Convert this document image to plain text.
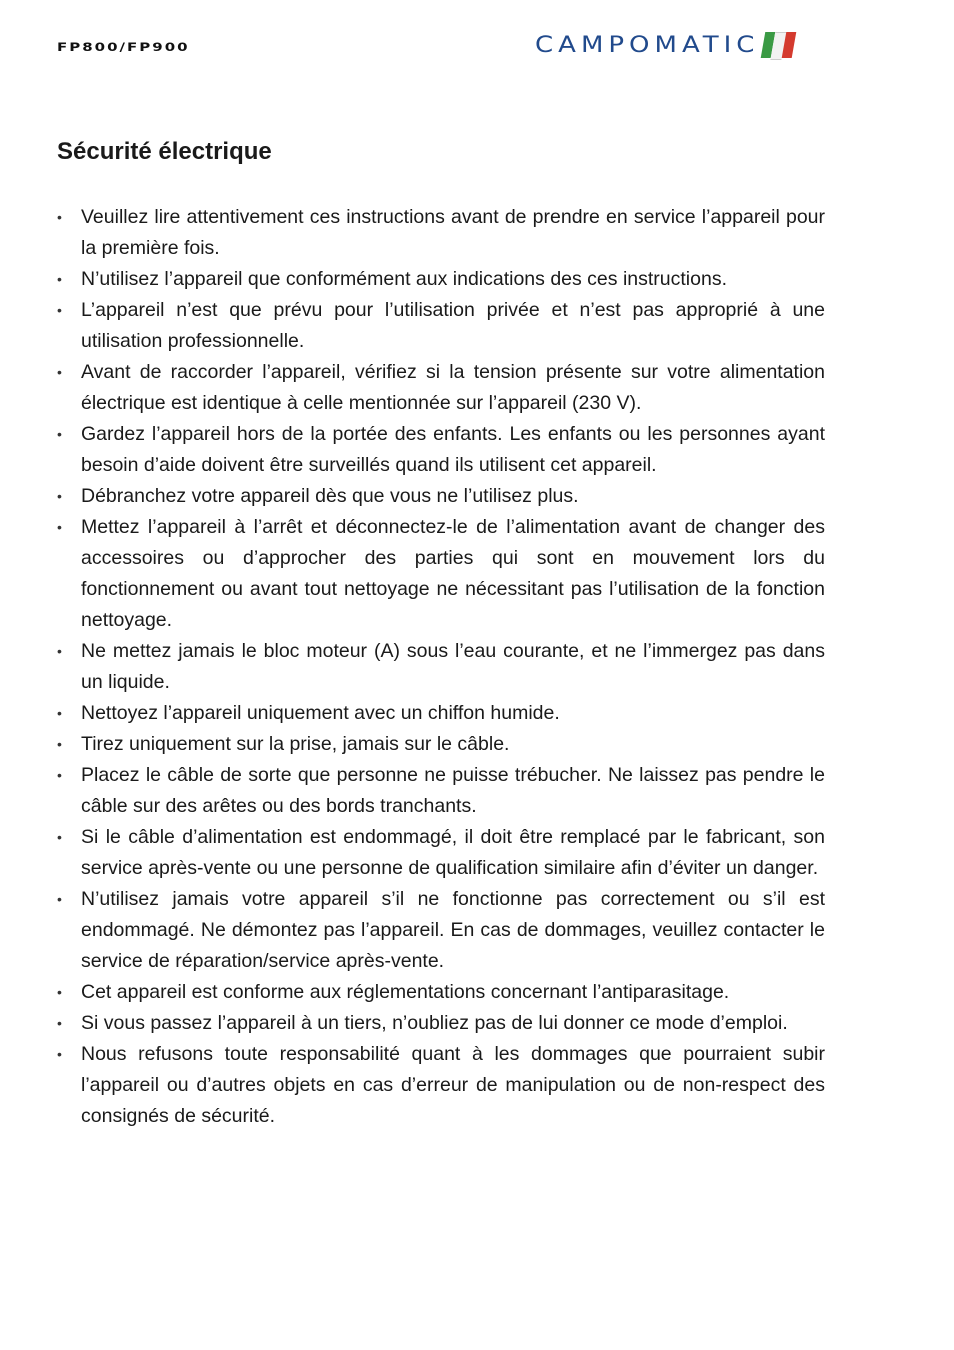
FP800/FP900	CAMPOMATIC
Sécurité électrique
• Veuillez lire attentivement ces instructions avant de prendre en service l’appareil pour la première fois.
• N’utilisez l’appareil que conformément aux indications des ces instructions.
• L’appareil n’est que prévu pour l’utilisation privée et n’est pas approprié à une utilisation professionnelle.
• Avant de raccorder l’appareil, vérifiez si la tension présente sur votre alimentation électrique est identique à celle mentionnée sur l’appareil (230 V).
• Gardez l’appareil hors de la portée des enfants. Les enfants ou les personnes ayant besoin d’aide doivent être surveillés quand ils utilisent cet appareil.
• Débranchez votre appareil dès que vous ne l’utilisez plus.
• Mettez l’appareil à l’arrêt et déconnectez-le de l’alimentation avant de changer des accessoires ou d’approcher des parties qui sont en mouvement lors du fonctionnement ou avant tout nettoyage ne nécessitant pas l’utilisation de la fonction nettoyage.
• Ne mettez jamais le bloc moteur (A) sous l’eau courante, et ne l’immergez pas dans un liquide.
• Nettoyez l’appareil uniquement avec un chiffon humide.
• Tirez uniquement sur la prise, jamais sur le câble.
• Placez le câble de sorte que personne ne puisse trébucher. Ne laissez pas pendre le câble sur des arêtes ou des bords tranchants.
• Si le câble d’alimentation est endommagé, il doit être remplacé par le fabricant, son service après-vente ou une personne de qualification similaire afin d’éviter un danger.
• N’utilisez jamais votre appareil s’il ne fonctionne pas correctement ou s’il est endommagé. Ne démontez pas l’appareil. En cas de dommages, veuillez contacter le service de réparation/service après-vente.
• Cet appareil est conforme aux réglementations concernant l’antiparasitage.
• Si vous passez l’appareil à un tiers, n’oubliez pas de lui donner ce mode d’emploi.
• Nous refusons toute responsabilité quant à les dommages que pourraient subir l’appareil ou d’autres objets en cas d’erreur de manipulation ou de non-respect des consignés de sécurité.
